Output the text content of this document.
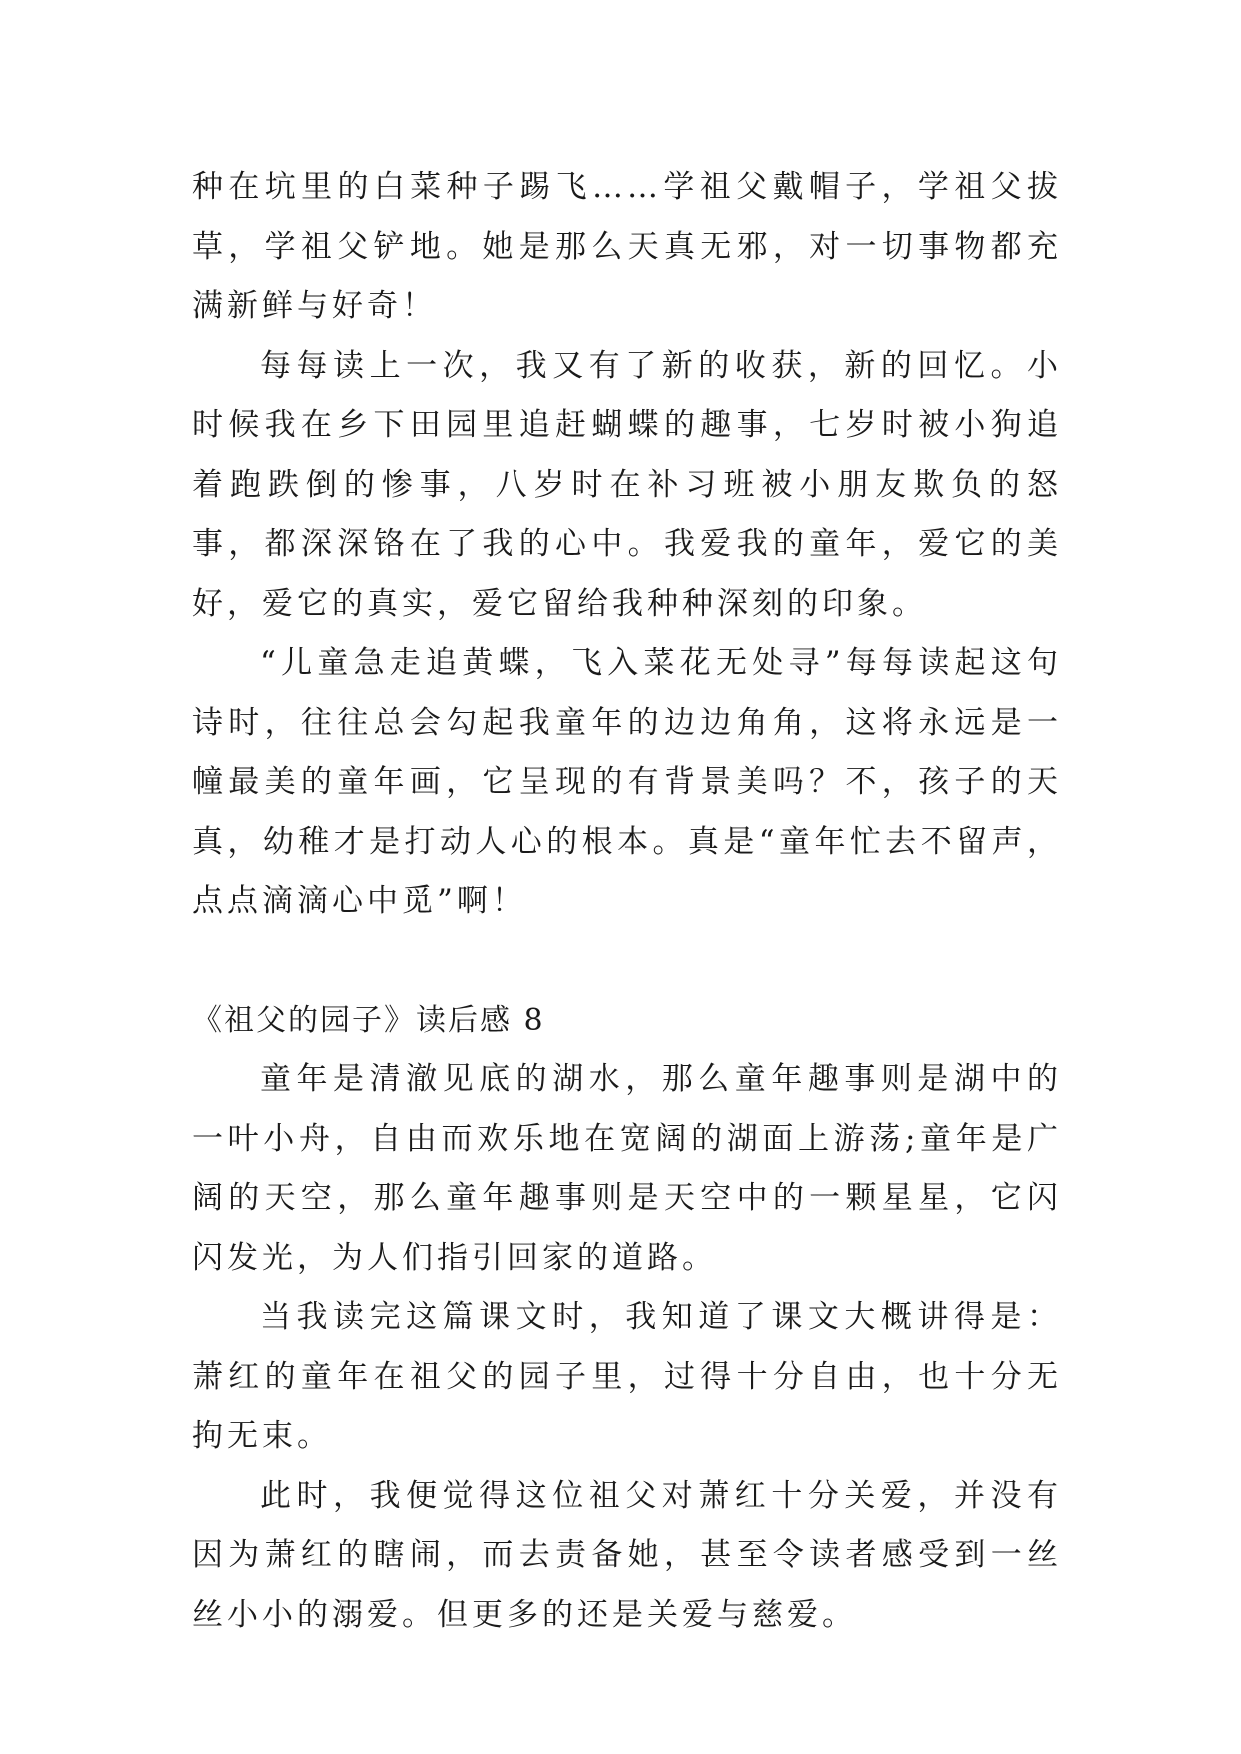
种在坑里的白菜种子踢飞……学祖父戴帽子，学祖父拔草，学祖父铲地。她是那么天真无邪，对一切事物都充满新鲜与好奇！

每每读上一次，我又有了新的收获，新的回忆。小时候我在乡下田园里追赶蝴蝶的趣事，七岁时被小狗追着跑跌倒的惨事，八岁时在补习班被小朋友欺负的怒事，都深深铬在了我的心中。我爱我的童年，爱它的美好，爱它的真实，爱它留给我种种深刻的印象。

“儿童急走追黄蝶，飞入菜花无处寻”每每读起这句诗时，往往总会勾起我童年的边边角角，这将永远是一幢最美的童年画，它呈现的有背景美吗？不，孩子的天真，幼稚才是打动人心的根本。真是“童年忙去不留声，点点滴滴心中觅”啊！

《祖父的园子》读后感 8

童年是清澈见底的湖水，那么童年趣事则是湖中的一叶小舟，自由而欢乐地在宽阔的湖面上游荡;童年是广阔的天空，那么童年趣事则是天空中的一颗星星，它闪闪发光，为人们指引回家的道路。

当我读完这篇课文时，我知道了课文大概讲得是：萧红的童年在祖父的园子里，过得十分自由，也十分无拘无束。

此时，我便觉得这位祖父对萧红十分关爱，并没有因为萧红的瞎闹，而去责备她，甚至令读者感受到一丝丝小小的溺爱。但更多的还是关爱与慈爱。
